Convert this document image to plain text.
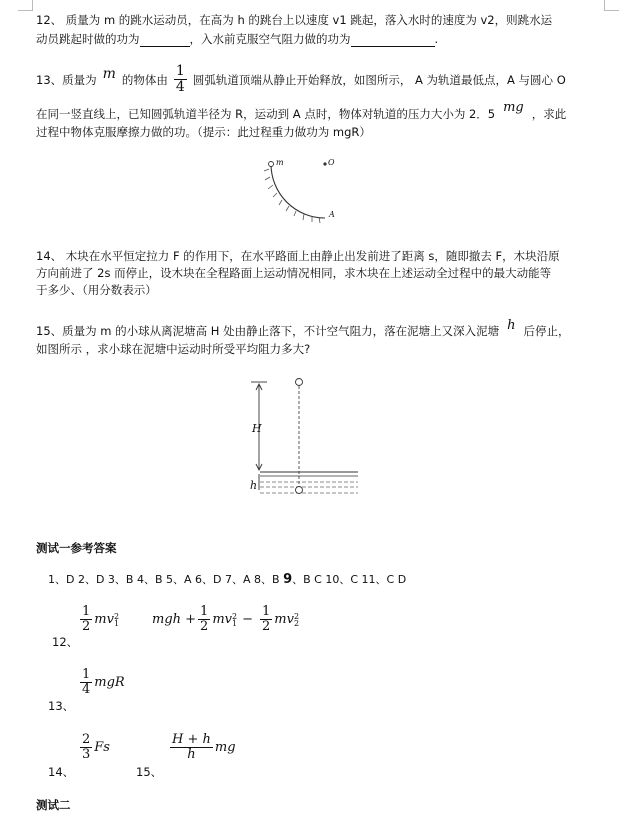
12、 质量为 m 的跳水运动员，在高为 h 的跳台上以速度 v1 跳起，落入水时的速度为 v2，则跳水运
动员跳起时做的功为	，入水前克服空气阻力做的功为	.
13、质量为 m 的物体由 $\frac{1}{4}$ 圆弧轨道顶端从静止开始释放，如图所示， A 为轨道最低点，A 与圆心 O
在同一竖直线上，已知圆弧轨道半径为 R，运动到 A 点时，物体对轨道的压力大小为 2．5 mg ，求此
过程中物体克服摩擦力做的功。（提示：此过程重力做功为 mgR）
m	O
A
14、 木块在水平恒定拉力 F 的作用下，在水平路面上由静止出发前进了距离 s，随即撤去 F，木块沿原
方向前进了 2s 而停止，设木块在全程路面上运动情况相同，求木块在上述运动全过程中的最大动能等
于多少、（用分数表示）
15、质量为 m 的小球从离泥塘高 H 处由静止落下，不计空气阻力，落在泥塘上又深入泥塘 h 后停止，
如图所示 ，求小球在泥塘中运动时所受平均阻力多大?
H
h
测试一参考答案
1、D 2、D 3、B 4、B 5、A 6、D 7、A 8、B 9、B C 10、C 11、C D
12、
$\frac{1}{2}$ mv 2
1	mgh + $\frac{1}{2}$ mv 2
$1 - \frac{1}{2}$ mv 2
2
13、
$\frac{1}{4}$ mgR
14、
$\frac{2}{3}$ Fs
15、
$\frac{H + h}{h}$ mg
测试二
